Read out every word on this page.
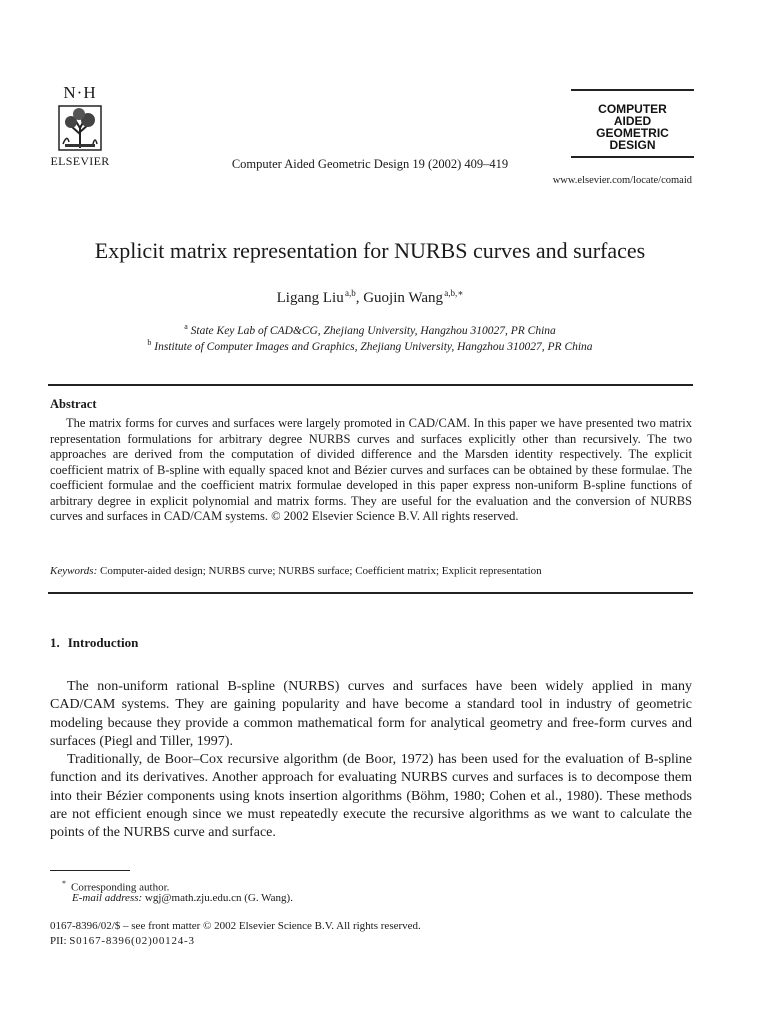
N·H
ELSEVIER	Computer Aided Geometric Design 19 (2002) 409–419
COMPUTER
AIDED
GEOMETRIC
DESIGN
www.elsevier.com/locate/comaid
Explicit matrix representation for NURBS curves and surfaces
Ligang Liu $^{a,b}$, Guojin Wang $^{a,b,∗}$
$^a$ State Key Lab of CAD&CG, Zhejiang University, Hangzhou 310027, PR China
$^b$ Institute of Computer Images and Graphics, Zhejiang University, Hangzhou 310027, PR China
Abstract

The matrix forms for curves and surfaces were largely promoted in CAD/CAM. In this paper we have presented two matrix representation formulations for arbitrary degree NURBS curves and surfaces explicitly other than recursively. The two approaches are derived from the computation of divided difference and the Marsden identity respectively. The explicit coefficient matrix of B-spline with equally spaced knot and Bézier curves and surfaces can be obtained by these formulae. The coefficient formulae and the coefficient matrix formulae developed in this paper express non-uniform B-spline functions of arbitrary degree in explicit polynomial and matrix forms. They are useful for the evaluation and the conversion of NURBS curves and surfaces in CAD/CAM systems. © 2002 Elsevier Science B.V. All rights reserved.

Keywords: Computer-aided design; NURBS curve; NURBS surface; Coefficient matrix; Explicit representation
1. Introduction

The non-uniform rational B-spline (NURBS) curves and surfaces have been widely applied in many CAD/CAM systems. They are gaining popularity and have become a standard tool in industry of geometric modeling because they provide a common mathematical form for analytical geometry and free-form curves and surfaces (Piegl and Tiller, 1997).

Traditionally, de Boor–Cox recursive algorithm (de Boor, 1972) has been used for the evaluation of B-spline function and its derivatives. Another approach for evaluating NURBS curves and surfaces is to decompose them into their Bézier components using knots insertion algorithms (Böhm, 1980; Cohen et al., 1980). These methods are not efficient enough since we must repeatedly execute the recursive algorithms as we want to calculate the points of the NURBS curve and surface.

* Corresponding author.
E-mail address: wgj@math.zju.edu.cn (G. Wang).
0167-8396/02/$ – see front matter © 2002 Elsevier Science B.V. All rights reserved.
PII: S0167-8396(02)00124-3
